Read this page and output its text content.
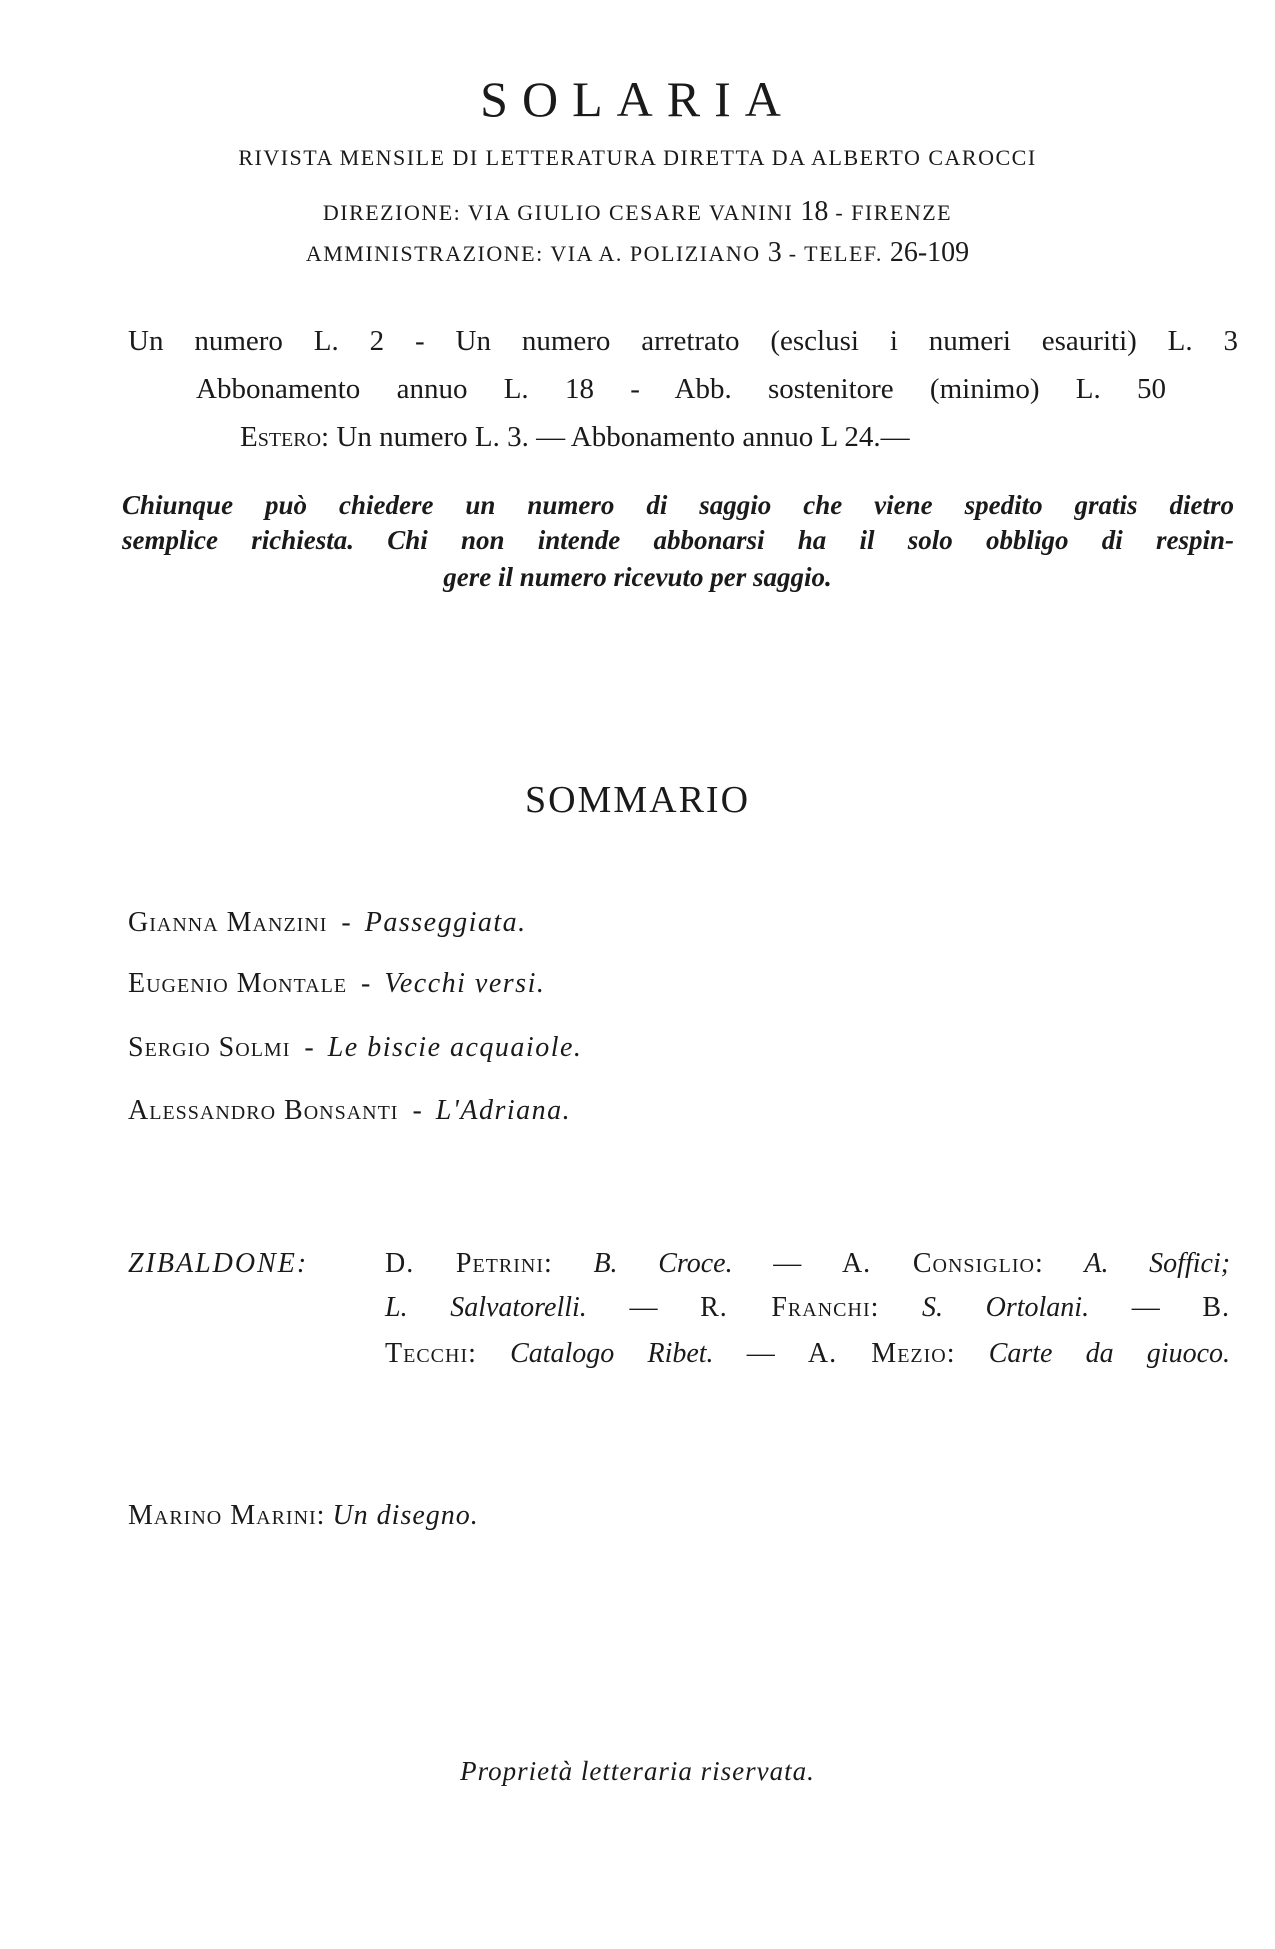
SOLARIA
RIVISTA MENSILE DI LETTERATURA DIRETTA DA ALBERTO CAROCCI
DIREZIONE: VIA GIULIO CESARE VANINI 18 - FIRENZE
AMMINISTRAZIONE: VIA A. POLIZIANO 3 - TELEF. 26-109
Un numero L. 2 - Un numero arretrato (esclusi i numeri esauriti) L. 3
Abbonamento annuo L. 18 - Abb. sostenitore (minimo) L. 50
Estero: Un numero L. 3. — Abbonamento annuo L 24.—
Chiunque può chiedere un numero di saggio che viene spedito gratis dietro
semplice richiesta. Chi non intende abbonarsi ha il solo obbligo di respin-
gere il numero ricevuto per saggio.
SOMMARIO
Gianna Manzini - Passeggiata.
Eugenio Montale - Vecchi versi.
Sergio Solmi - Le biscie acquaiole.
Alessandro Bonsanti - L'Adriana.
ZIBALDONE:	D. Petrini: B. Croce. — A. Consiglio: A. Soffici;
L. Salvatorelli. — R. Franchi: S. Ortolani. — B.
Tecchi: Catalogo Ribet. — A. Mezio: Carte da giuoco.
Marino Marini: Un disegno.
Proprietà letteraria riservata.
